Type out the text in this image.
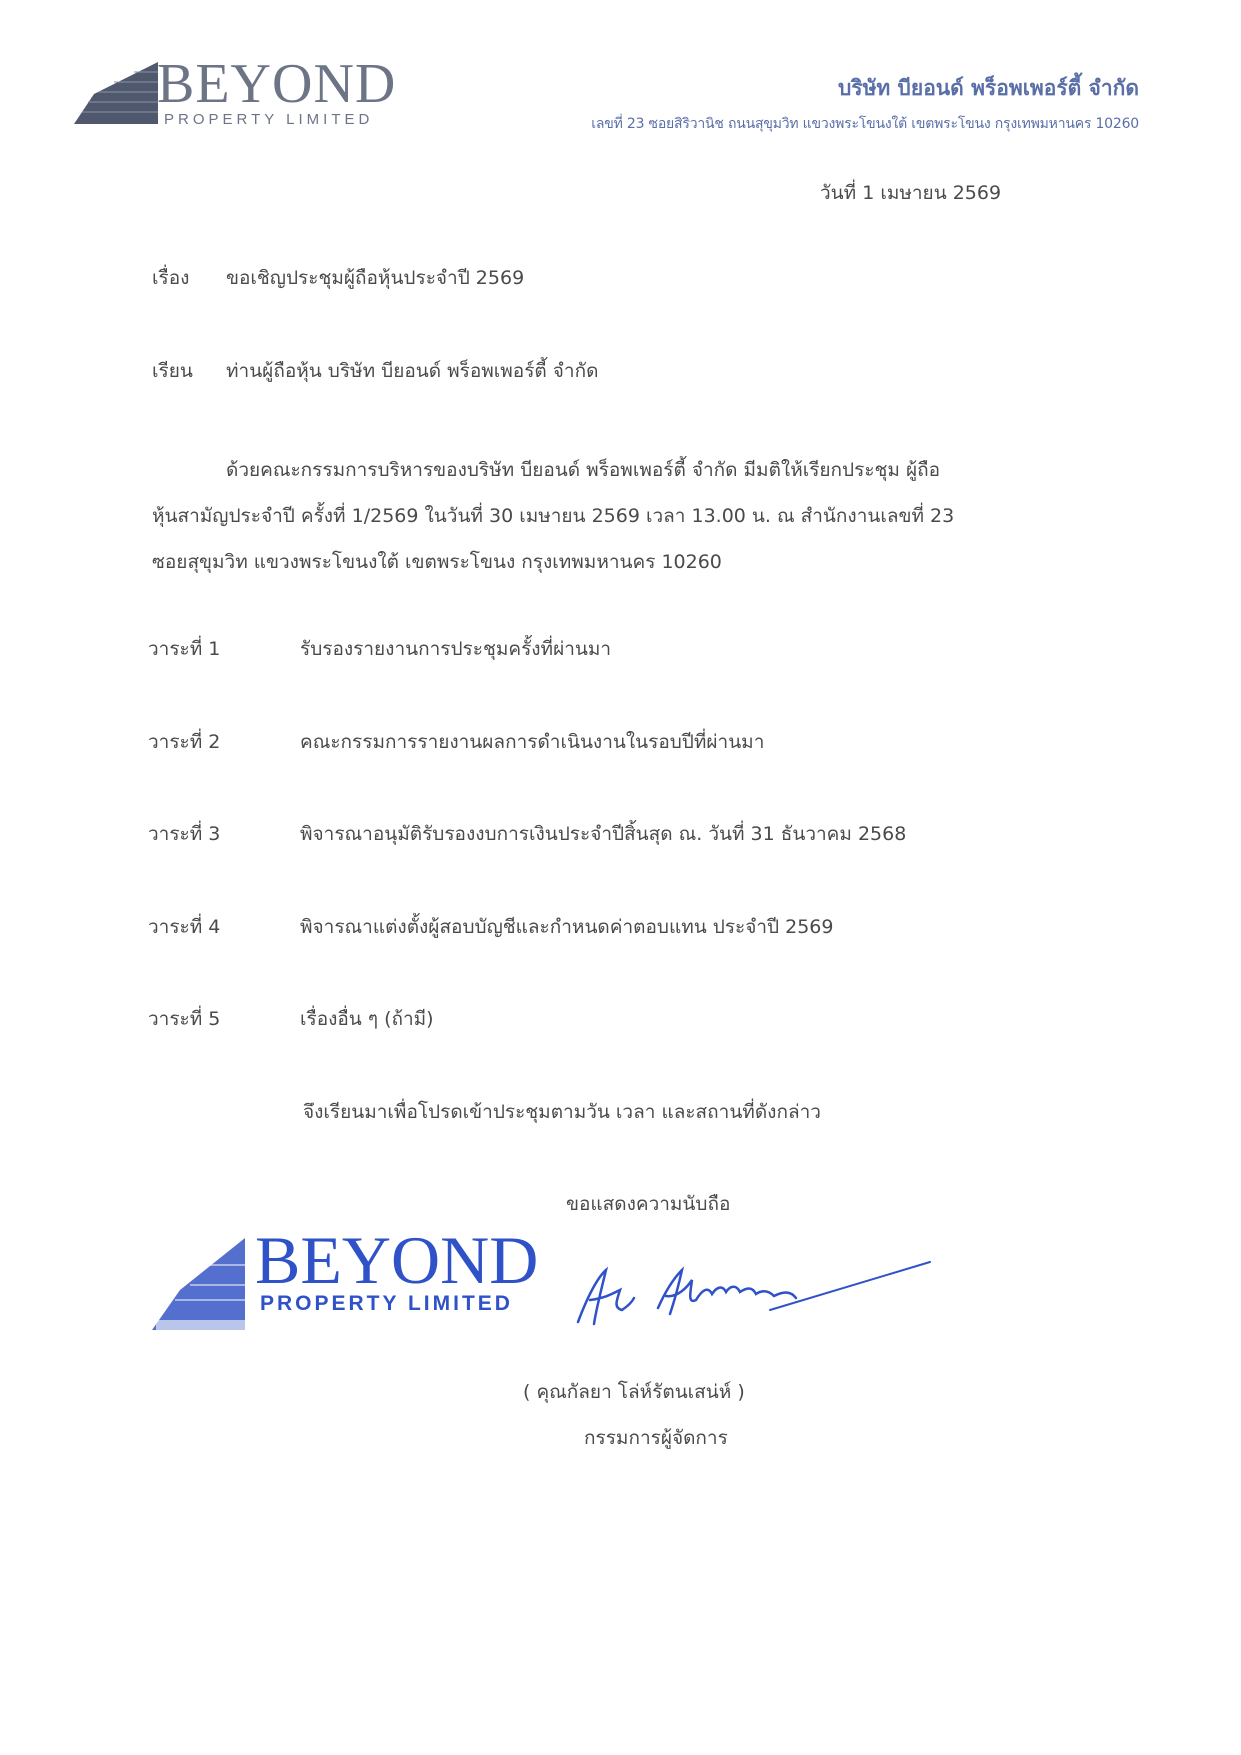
BEYOND
PROPERTY LIMITED
บริษัท บียอนด์ พร็อพเพอร์ตี้ จำกัด
เลขที่ 23 ซอยสิริวานิช ถนนสุขุมวิท แขวงพระโขนงใต้ เขตพระโขนง กรุงเทพมหานคร 10260
วันที่ 1 เมษายน 2569
เรื่อง ขอเชิญประชุมผู้ถือหุ้นประจำปี 2569
เรียน ท่านผู้ถือหุ้น บริษัท บียอนด์ พร็อพเพอร์ตี้ จำกัด
ด้วยคณะกรรมการบริหารของบริษัท บียอนด์ พร็อพเพอร์ตี้ จำกัด มีมติให้เรียกประชุม ผู้ถือ
หุ้นสามัญประจำปี ครั้งที่ 1/2569 ในวันที่ 30 เมษายน 2569 เวลา 13.00 น. ณ สำนักงานเลขที่ 23
ซอยสุขุมวิท แขวงพระโขนงใต้ เขตพระโขนง กรุงเทพมหานคร 10260
วาระที่ 1	รับรองรายงานการประชุมครั้งที่ผ่านมา
วาระที่ 2	คณะกรรมการรายงานผลการดำเนินงานในรอบปีที่ผ่านมา
วาระที่ 3	พิจารณาอนุมัติรับรองงบการเงินประจำปีสิ้นสุด ณ. วันที่ 31 ธันวาคม 2568
วาระที่ 4	พิจารณาแต่งตั้งผู้สอบบัญชีและกำหนดค่าตอบแทน ประจำปี 2569
วาระที่ 5	เรื่องอื่น ๆ (ถ้ามี)
จึงเรียนมาเพื่อโปรดเข้าประชุมตามวัน เวลา และสถานที่ดังกล่าว
ขอแสดงความนับถือ
BEYOND
PROPERTY LIMITED
( คุณกัลยา โล่ห์รัตนเสน่ห์ )
กรรมการผู้จัดการ
